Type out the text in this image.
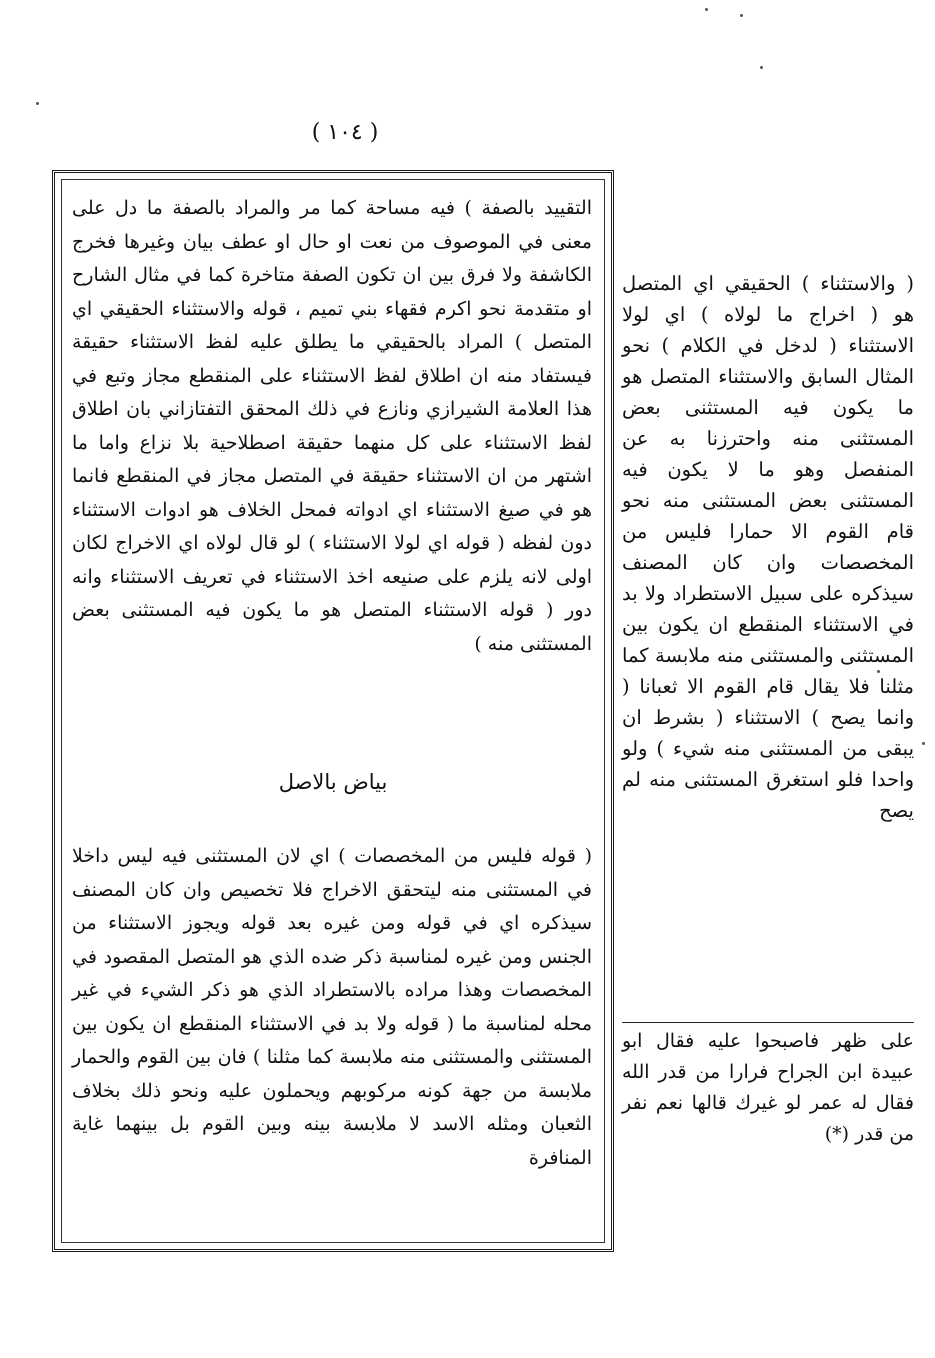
( ١٠٤ )

التقييد بالصفة ) فيه مساحة كما مر والمراد بالصفة ما دل على معنى في الموصوف من نعت او حال او عطف بيان وغيرها فخرج الكاشفة ولا فرق بين ان تكون الصفة متاخرة كما في مثال الشارح او متقدمة نحو اكرم فقهاء بني تميم ، قوله والاستثناء الحقيقي اي المتصل ) المراد بالحقيقي ما يطلق عليه لفظ الاستثناء حقيقة فيستفاد منه ان اطلاق لفظ الاستثناء على المنقطع مجاز وتبع في هذا العلامة الشيرازي ونازع في ذلك المحقق التفتازاني بان اطلاق لفظ الاستثناء على كل منهما حقيقة اصطلاحية بلا نزاع واما ما اشتهر من ان الاستثناء حقيقة في المتصل مجاز في المنقطع فانما هو في صيغ الاستثناء اي ادواته فمحل الخلاف هو ادوات الاستثناء دون لفظه ( قوله اي لولا الاستثناء ) لو قال لولاه اي الاخراج لكان اولى لانه يلزم على صنيعه اخذ الاستثناء في تعريف الاستثناء وانه دور ( قوله الاستثناء المتصل هو ما يكون فيه المستثنى بعض المستثنى منه )

بياض بالاصل

( قوله فليس من المخصصات ) اي لان المستثنى فيه ليس داخلا في المستثنى منه ليتحقق الاخراج فلا تخصيص وان كان المصنف سيذكره اي في قوله ومن غيره بعد قوله ويجوز الاستثناء من الجنس ومن غيره لمناسبة ذكر ضده الذي هو المتصل المقصود في المخصصات وهذا مراده بالاستطراد الذي هو ذكر الشيء في غير محله لمناسبة ما ( قوله ولا بد في الاستثناء المنقطع ان يكون بين المستثنى والمستثنى منه ملابسة كما مثلنا ) فان بين القوم والحمار ملابسة من جهة كونه مركوبهم ويحملون عليه ونحو ذلك بخلاف الثعبان ومثله الاسد لا ملابسة بينه وبين القوم بل بينهما غاية المنافرة

( والاستثناء ) الحقيقي اي المتصل هو ( اخراج ما لولاه ) اي لولا الاستثناء ( لدخل في الكلام ) نحو المثال السابق والاستثناء المتصل هو ما يكون فيه المستثنى بعض المستثنى منه واحترزنا به عن المنفصل وهو ما لا يكون فيه المستثنى بعض المستثنى منه نحو قام القوم الا حمارا فليس من المخصصات وان كان المصنف سيذكره على سبيل الاستطراد ولا بد في الاستثناء المنقطع ان يكون بين المستثنى والمستثنى منه ملابسة كما مثلنا فلا يقال قام القوم الا ثعبانا ( وانما يصح ) الاستثناء ( بشرط ان يبقى من المستثنى منه شيء ) ولو واحدا فلو استغرق المستثنى منه لم يصح

على ظهر فاصبحوا عليه فقال ابو عبيدة ابن الجراح فرارا من قدر الله فقال له عمر لو غيرك قالها نعم نفر من قدر (*)
